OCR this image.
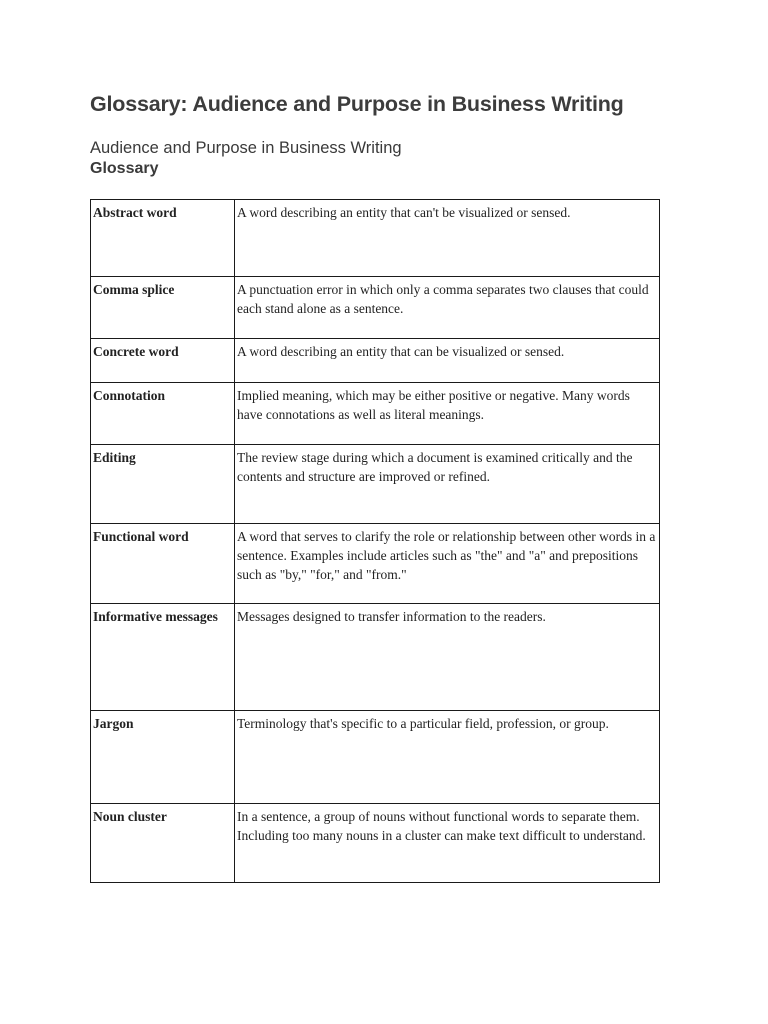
Glossary: Audience and Purpose in Business Writing
Audience and Purpose in Business Writing
Glossary
Abstract word	A word describing an entity that can't be visualized or sensed.
Comma splice	A punctuation error in which only a comma separates two clauses that could each stand alone as a sentence.
Concrete word	A word describing an entity that can be visualized or sensed.
Connotation	Implied meaning, which may be either positive or negative. Many words have connotations as well as literal meanings.
Editing	The review stage during which a document is examined critically and the contents and structure are improved or refined.
Functional word	A word that serves to clarify the role or relationship between other words in a sentence. Examples include articles such as "the" and "a" and prepositions such as "by," "for," and "from."
Informative messages	Messages designed to transfer information to the readers.
Jargon	Terminology that's specific to a particular field, profession, or group.
Noun cluster	In a sentence, a group of nouns without functional words to separate them. Including too many nouns in a cluster can make text difficult to understand.
